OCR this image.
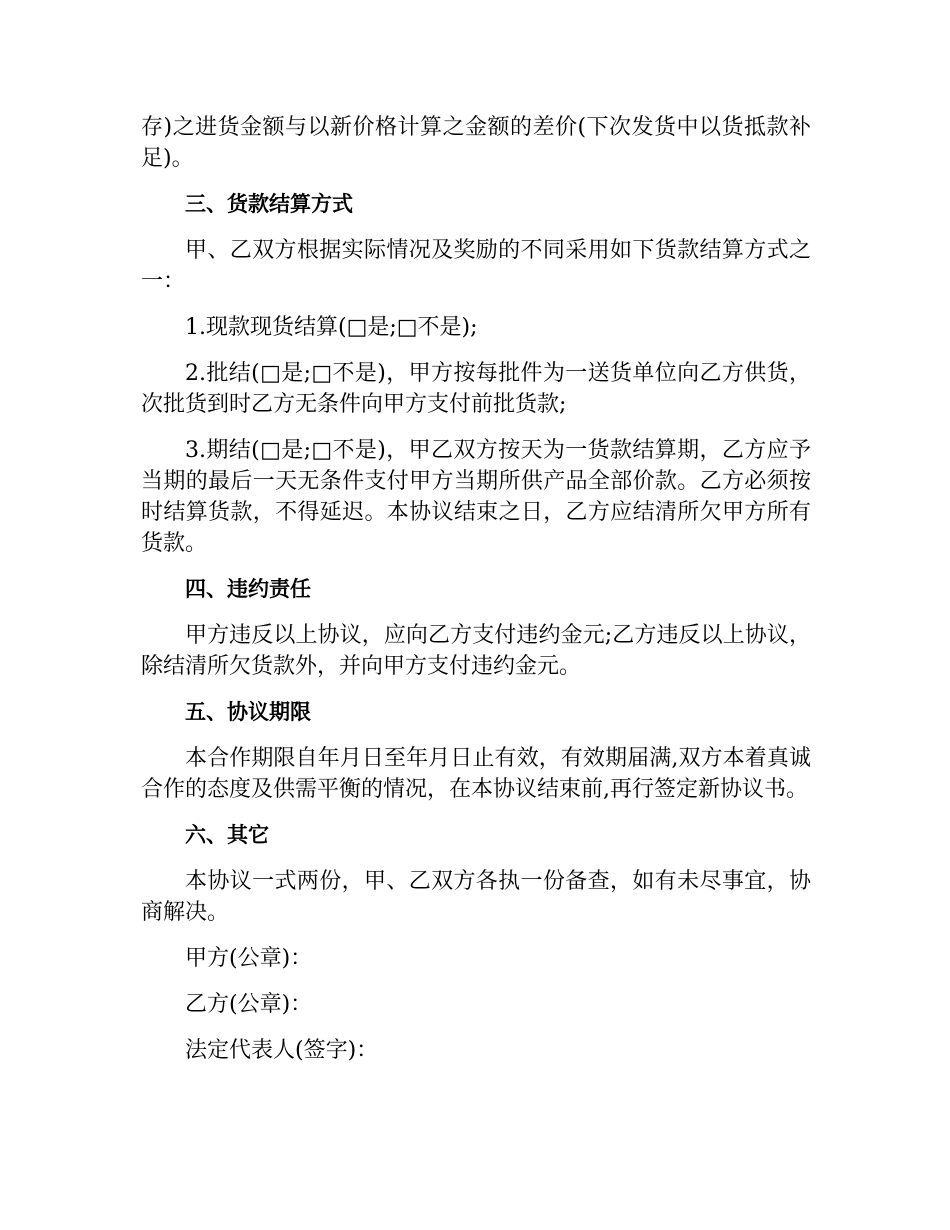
存)之进货金额与以新价格计算之金额的差价(下次发货中以货抵款补足)。

三、货款结算方式

甲、乙双方根据实际情况及奖励的不同采用如下货款结算方式之一：

1.现款现货结算(□是;□不是);

2.批结(□是;□不是)，甲方按每批件为一送货单位向乙方供货，次批货到时乙方无条件向甲方支付前批货款;

3.期结(□是;□不是)，甲乙双方按天为一货款结算期，乙方应予当期的最后一天无条件支付甲方当期所供产品全部价款。乙方必须按时结算货款，不得延迟。本协议结束之日，乙方应结清所欠甲方所有货款。

四、违约责任

甲方违反以上协议，应向乙方支付违约金元;乙方违反以上协议，除结清所欠货款外，并向甲方支付违约金元。

五、协议期限

本合作期限自年月日至年月日止有效，有效期届满,双方本着真诚合作的态度及供需平衡的情况，在本协议结束前,再行签定新协议书。

六、其它

本协议一式两份，甲、乙双方各执一份备查，如有未尽事宜，协商解决。

甲方(公章)：

乙方(公章)：

法定代表人(签字)：
